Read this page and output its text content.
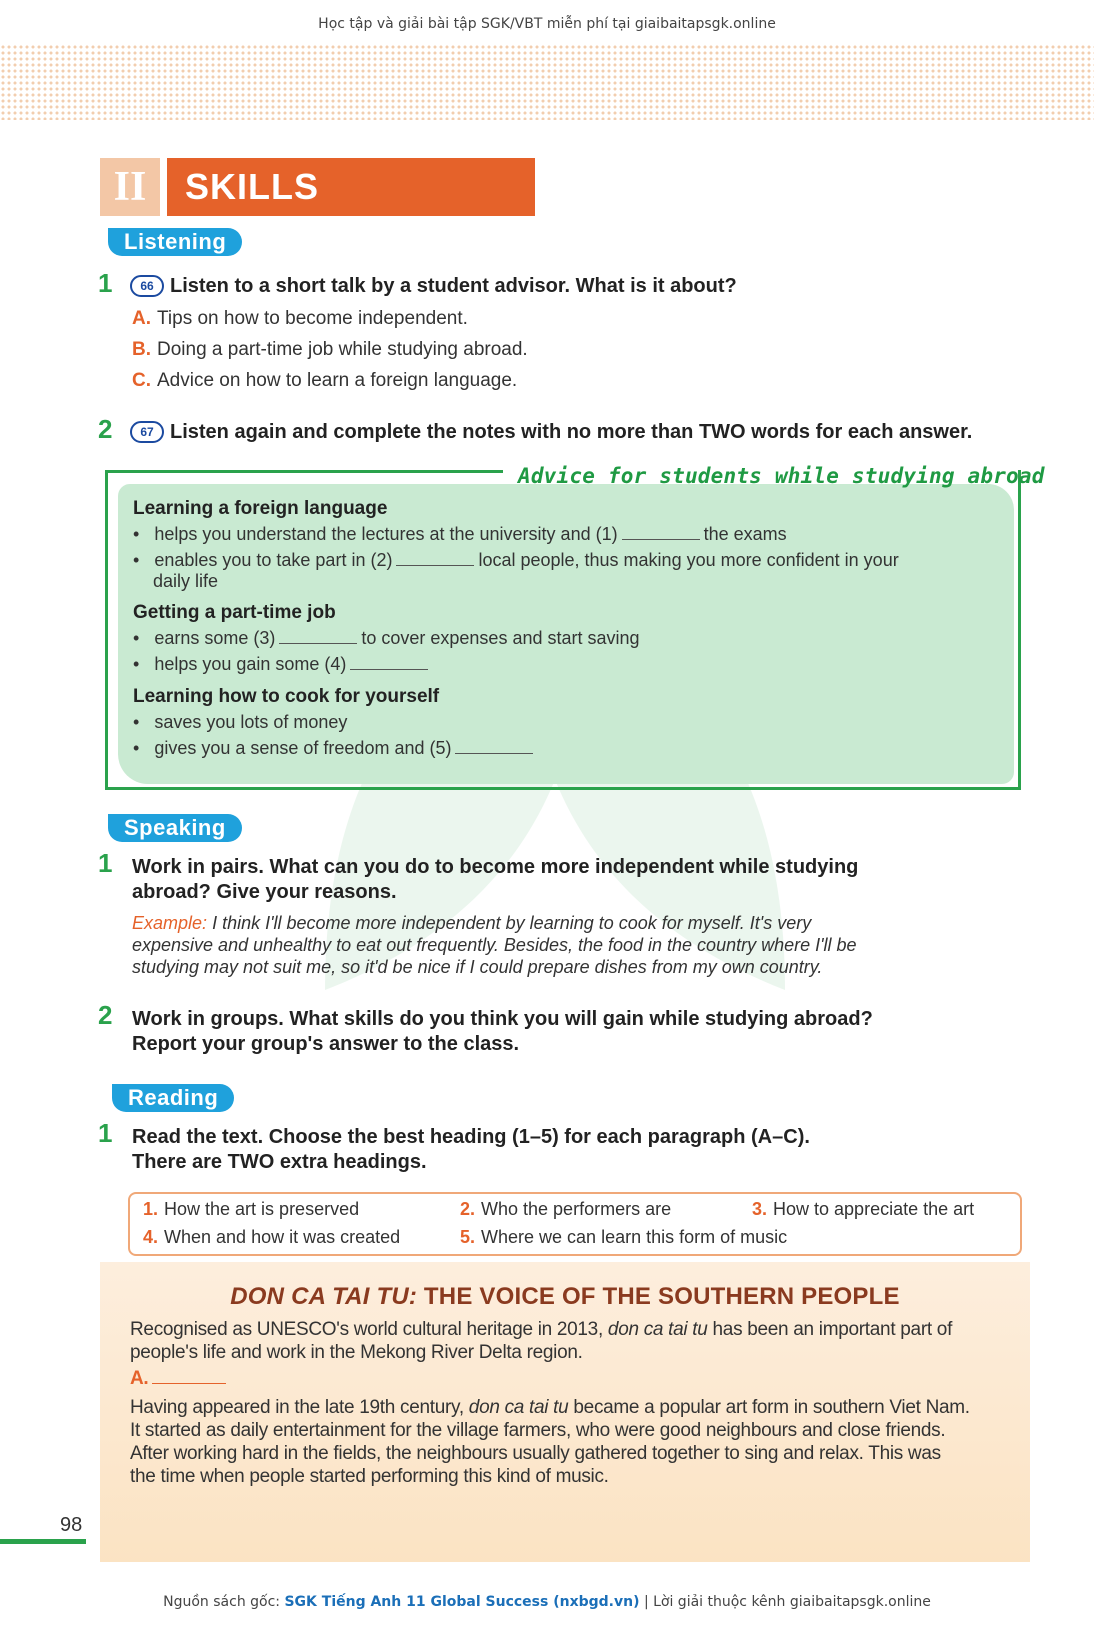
Học tập và giải bài tập SGK/VBT miễn phí tại giaibaitapsgk.online
II	SKILLS
Listening
1	66 Listen to a short talk by a student advisor. What is it about?
A. Tips on how to become independent.
B. Doing a part-time job while studying abroad.
C. Advice on how to learn a foreign language.
2	67 Listen again and complete the notes with no more than TWO words for each answer.
Advice for students while studying abroad
Learning a foreign language
•   helps you understand the lectures at the university and (1)	the exams
•   enables you to take part in (2)	local people, thus making you more confident in your
daily life
Getting a part-time job
•   earns some (3)	to cover expenses and start saving
•   helps you gain some (4)
Learning how to cook for yourself
•   saves you lots of money
•   gives you a sense of freedom and (5)
Speaking
1 Work in pairs. What can you do to become more independent while studying
abroad? Give your reasons.
Example: I think I'll become more independent by learning to cook for myself. It's very
expensive and unhealthy to eat out frequently. Besides, the food in the country where I'll be
studying may not suit me, so it'd be nice if I could prepare dishes from my own country.
2 Work in groups. What skills do you think you will gain while studying abroad?
Report your group's answer to the class.
Reading
1 Read the text. Choose the best heading (1–5) for each paragraph (A–C).
There are TWO extra headings.
1. How the art is preserved	2. Who the performers are	3. How to appreciate the art
4. When and how it was created	5. Where we can learn this form of music
DON CA TAI TU: THE VOICE OF THE SOUTHERN PEOPLE
Recognised as UNESCO's world cultural heritage in 2013, don ca tai tu has been an important part of
people's life and work in the Mekong River Delta region.
A.
Having appeared in the late 19th century, don ca tai tu became a popular art form in southern Viet Nam.
It started as daily entertainment for the village farmers, who were good neighbours and close friends.
After working hard in the fields, the neighbours usually gathered together to sing and relax. This was
the time when people started performing this kind of music.
98
Nguồn sách gốc: SGK Tiếng Anh 11 Global Success (nxbgd.vn) | Lời giải thuộc kênh giaibaitapsgk.online
